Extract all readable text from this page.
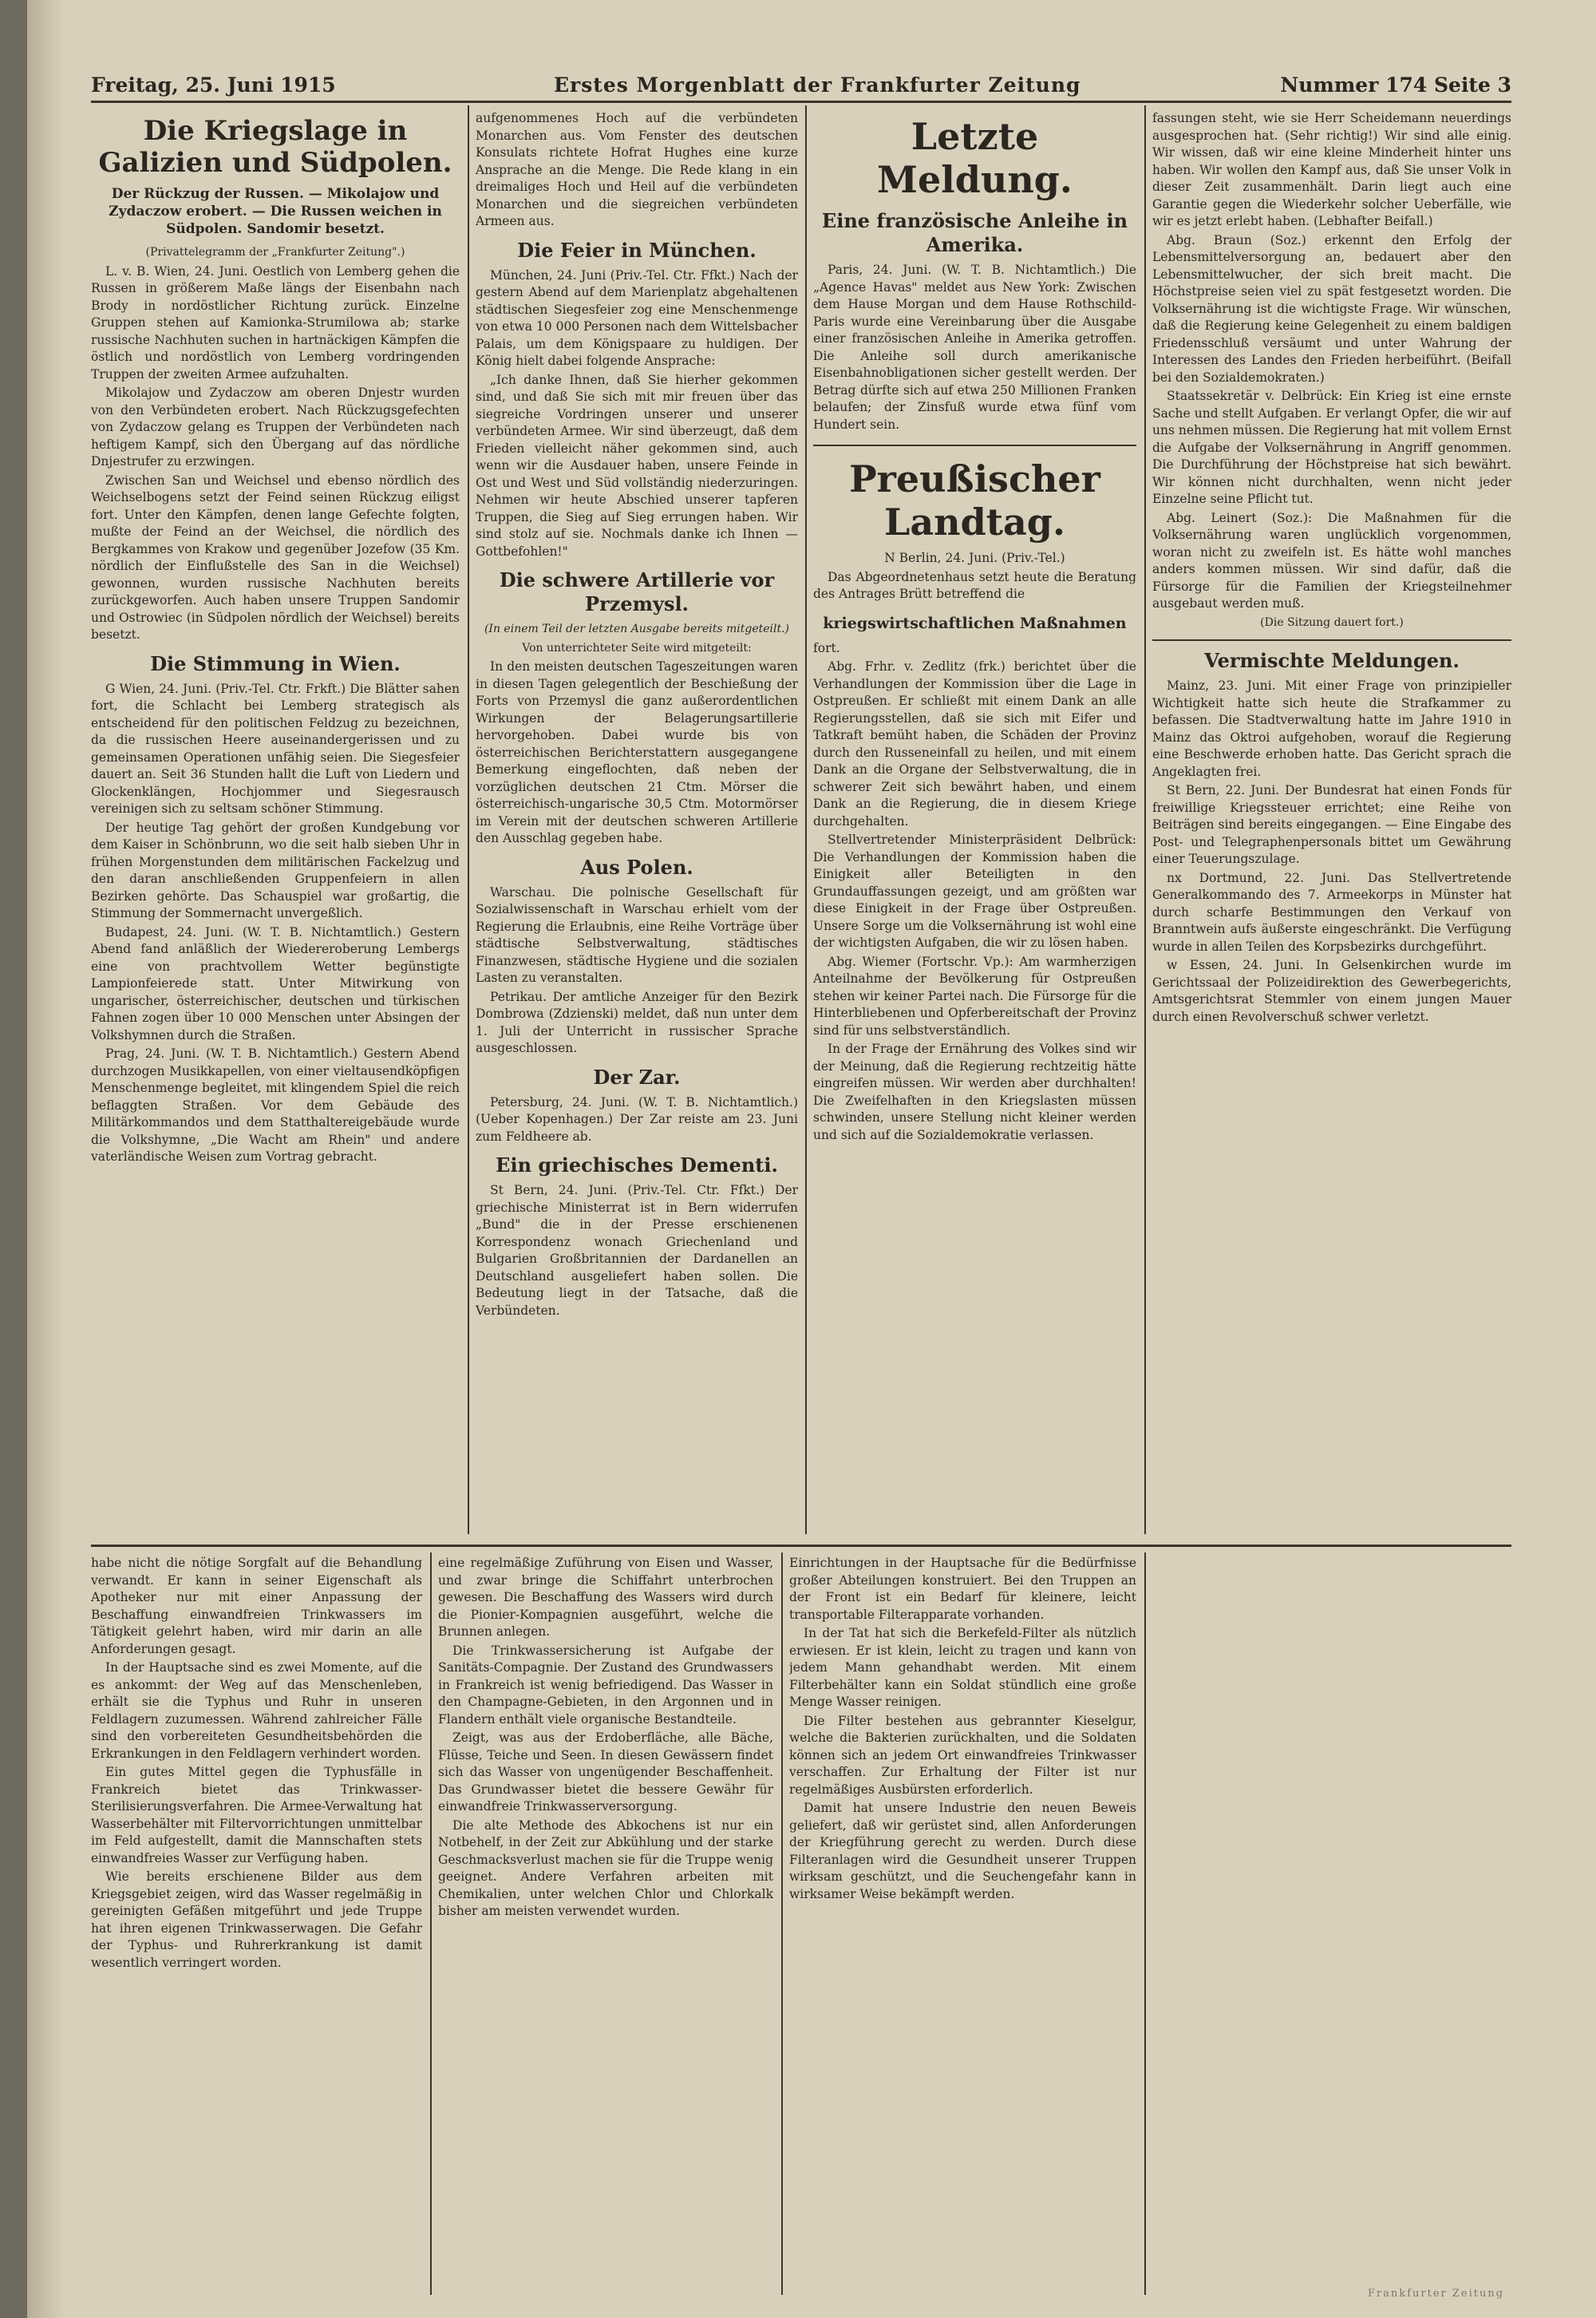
Freitag, 25. Juni 1915	Erstes Morgenblatt der Frankfurter Zeitung	Nummer 174 Seite 3
Die Kriegslage in Galizien und Südpolen.
Der Rückzug der Russen. — Mikolajow und Zydaczow erobert. — Die Russen weichen in Südpolen. Sandomir besetzt.

(Privattelegramm der „Frankfurter Zeitung".)

L. v. B. Wien, 24. Juni. Oestlich von Lemberg gehen die Russen in größerem Maße längs der Eisenbahn nach Brody in nordöstlicher Richtung zurück. Einzelne Gruppen stehen auf Kamionka-Strumilowa ab; starke russische Nachhuten suchen in hartnäckigen Kämpfen die östlich und nordöstlich von Lemberg vordringenden Truppen der zweiten Armee aufzuhalten.

Mikolajow und Zydaczow am oberen Dnjestr wurden von den Verbündeten erobert. Nach Rückzugsgefechten von Zydaczow gelang es Truppen der Verbündeten nach heftigem Kampf, sich den Übergang auf das nördliche Dnjestrufer zu erzwingen.

Zwischen San und Weichsel und ebenso nördlich des Weichselbogens setzt der Feind seinen Rückzug eiligst fort. Unter den Kämpfen, denen lange Gefechte folgten, mußte der Feind an der Weichsel, die nördlich des Bergkammes von Krakow und gegenüber Jozefow (35 Km. nördlich der Einflußstelle des San in die Weichsel) gewonnen, wurden russische Nachhuten bereits zurückgeworfen. Auch haben unsere Truppen Sandomir und Ostrowiec (in Südpolen nördlich der Weichsel) bereits besetzt.

Die Stimmung in Wien.

G Wien, 24. Juni. (Priv.-Tel. Ctr. Frkft.) Die Blätter sahen fort, die Schlacht bei Lemberg strategisch als entscheidend für den politischen Feldzug zu bezeichnen, da die russischen Heere auseinandergerissen und zu gemeinsamen Operationen unfähig seien. Die Siegesfeier dauert an. Seit 36 Stunden hallt die Luft von Liedern und Glockenklängen, Hochjommer und Siegesrausch vereinigen sich zu seltsam schöner Stimmung.

Der heutige Tag gehört der großen Kundgebung vor dem Kaiser in Schönbrunn, wo die seit halb sieben Uhr in frühen Morgenstunden dem militärischen Fackelzug und den daran anschließenden Gruppenfeiern in allen Bezirken gehörte. Das Schauspiel war großartig, die Stimmung der Sommernacht unvergeßlich.

Budapest, 24. Juni. (W. T. B. Nichtamtlich.) Gestern Abend fand anläßlich der Wiedereroberung Lembergs eine von prachtvollem Wetter begünstigte Lampionfeierede statt. Unter Mitwirkung von ungarischer, österreichischer, deutschen und türkischen Fahnen zogen über 10 000 Menschen unter Absingen der Volkshymnen durch die Straßen.

Prag, 24. Juni. (W. T. B. Nichtamtlich.) Gestern Abend durchzogen Musikkapellen, von einer vieltausendköpfigen Menschenmenge begleitet, mit klingendem Spiel die reich beflaggten Straßen. Vor dem Gebäude des Militärkommandos und dem Statthaltereigebäude wurde die Volkshymne, „Die Wacht am Rhein" und andere vaterländische Weisen zum Vortrag gebracht.

aufgenommenes Hoch auf die verbündeten Monarchen aus. Vom Fenster des deutschen Konsulats richtete Hofrat Hughes eine kurze Ansprache an die Menge. Die Rede klang in ein dreimaliges Hoch und Heil auf die verbündeten Monarchen und die siegreichen verbündeten Armeen aus.

Die Feier in München.

München, 24. Juni (Priv.-Tel. Ctr. Ffkt.) Nach der gestern Abend auf dem Marienplatz abgehaltenen städtischen Siegesfeier zog eine Menschenmenge von etwa 10 000 Personen nach dem Wittelsbacher Palais, um dem Königspaare zu huldigen. Der König hielt dabei folgende Ansprache:

„Ich danke Ihnen, daß Sie hierher gekommen sind, und daß Sie sich mit mir freuen über das siegreiche Vordringen unserer und unserer verbündeten Armee. Wir sind überzeugt, daß dem Frieden vielleicht näher gekommen sind, auch wenn wir die Ausdauer haben, unsere Feinde in Ost und West und Süd vollständig niederzuringen. Nehmen wir heute Abschied unserer tapferen Truppen, die Sieg auf Sieg errungen haben. Wir sind stolz auf sie. Nochmals danke ich Ihnen — Gottbefohlen!"

Die schwere Artillerie vor Przemysl.

(In einem Teil der letzten Ausgabe bereits mitgeteilt.)

Von unterrichteter Seite wird mitgeteilt:

In den meisten deutschen Tageszeitungen waren in diesen Tagen gelegentlich der Beschießung der Forts von Przemysl die ganz außerordentlichen Wirkungen der Belagerungsartillerie hervorgehoben. Dabei wurde bis von österreichischen Berichterstattern ausgegangene Bemerkung eingeflochten, daß neben der vorzüglichen deutschen 21 Ctm. Mörser die österreichisch-ungarische 30,5 Ctm. Motormörser im Verein mit der deutschen schweren Artillerie den Ausschlag gegeben habe.

Aus Polen.

Warschau. Die polnische Gesellschaft für Sozialwissenschaft in Warschau erhielt vom der Regierung die Erlaubnis, eine Reihe Vorträge über städtische Selbstverwaltung, städtisches Finanzwesen, städtische Hygiene und die sozialen Lasten zu veranstalten.

Petrikau. Der amtliche Anzeiger für den Bezirk Dombrowa (Zdzienski) meldet, daß nun unter dem 1. Juli der Unterricht in russischer Sprache ausgeschlossen.

Der Zar.

Petersburg, 24. Juni. (W. T. B. Nichtamtlich.) (Ueber Kopenhagen.) Der Zar reiste am 23. Juni zum Feldheere ab.

Ein griechisches Dementi.

St Bern, 24. Juni. (Priv.-Tel. Ctr. Ffkt.) Der griechische Ministerrat ist in Bern widerrufen „Bund" die in der Presse erschienenen Korrespondenz wonach Griechenland und Bulgarien Großbritannien der Dardanellen an Deutschland ausgeliefert haben sollen. Die Bedeutung liegt in der Tatsache, daß die Verbündeten.

Letzte Meldung.
Eine französische Anleihe in Amerika.

Paris, 24. Juni. (W. T. B. Nichtamtlich.) Die „Agence Havas" meldet aus New York: Zwischen dem Hause Morgan und dem Hause Rothschild-Paris wurde eine Vereinbarung über die Ausgabe einer französischen Anleihe in Amerika getroffen. Die Anleihe soll durch amerikanische Eisenbahnobligationen sicher gestellt werden. Der Betrag dürfte sich auf etwa 250 Millionen Franken belaufen; der Zinsfuß wurde etwa fünf vom Hundert sein.

Preußischer Landtag.

N Berlin, 24. Juni. (Priv.-Tel.)

Das Abgeordnetenhaus setzt heute die Beratung des Antrages Brütt betreffend die

kriegswirtschaftlichen Maßnahmen

fort.

Abg. Frhr. v. Zedlitz (frk.) berichtet über die Verhandlungen der Kommission über die Lage in Ostpreußen. Er schließt mit einem Dank an alle Regierungsstellen, daß sie sich mit Eifer und Tatkraft bemüht haben, die Schäden der Provinz durch den Russeneinfall zu heilen, und mit einem Dank an die Organe der Selbstverwaltung, die in schwerer Zeit sich bewährt haben, und einem Dank an die Regierung, die in diesem Kriege durchgehalten.

Stellvertretender Ministerpräsident Delbrück: Die Verhandlungen der Kommission haben die Einigkeit aller Beteiligten in den Grundauffassungen gezeigt, und am größten war diese Einigkeit in der Frage über Ostpreußen. Unsere Sorge um die Volksernährung ist wohl eine der wichtigsten Aufgaben, die wir zu lösen haben.

Abg. Wiemer (Fortschr. Vp.): Am warmherzigen Anteilnahme der Bevölkerung für Ostpreußen stehen wir keiner Partei nach. Die Fürsorge für die Hinterbliebenen und Opferbereitschaft der Provinz sind für uns selbstverständlich.

In der Frage der Ernährung des Volkes sind wir der Meinung, daß die Regierung rechtzeitig hätte eingreifen müssen. Wir werden aber durchhalten! Die Zweifelhaften in den Kriegslasten müssen schwinden, unsere Stellung nicht kleiner werden und sich auf die Sozialdemokratie verlassen.

fassungen steht, wie sie Herr Scheidemann neuerdings ausgesprochen hat. (Sehr richtig!) Wir sind alle einig. Wir wissen, daß wir eine kleine Minderheit hinter uns haben. Wir wollen den Kampf aus, daß Sie unser Volk in dieser Zeit zusammenhält. Darin liegt auch eine Garantie gegen die Wiederkehr solcher Ueberfälle, wie wir es jetzt erlebt haben. (Lebhafter Beifall.)

Abg. Braun (Soz.) erkennt den Erfolg der Lebensmittelversorgung an, bedauert aber den Lebensmittelwucher, der sich breit macht. Die Höchstpreise seien viel zu spät festgesetzt worden. Die Volksernährung ist die wichtigste Frage. Wir wünschen, daß die Regierung keine Gelegenheit zu einem baldigen Friedensschluß versäumt und unter Wahrung der Interessen des Landes den Frieden herbeiführt. (Beifall bei den Sozialdemokraten.)

Staatssekretär v. Delbrück: Ein Krieg ist eine ernste Sache und stellt Aufgaben. Er verlangt Opfer, die wir auf uns nehmen müssen. Die Regierung hat mit vollem Ernst die Aufgabe der Volksernährung in Angriff genommen. Die Durchführung der Höchstpreise hat sich bewährt. Wir können nicht durchhalten, wenn nicht jeder Einzelne seine Pflicht tut.

Abg. Leinert (Soz.): Die Maßnahmen für die Volksernährung waren unglücklich vorgenommen, woran nicht zu zweifeln ist. Es hätte wohl manches anders kommen müssen. Wir sind dafür, daß die Fürsorge für die Familien der Kriegsteilnehmer ausgebaut werden muß.

(Die Sitzung dauert fort.)

Vermischte Meldungen.

Mainz, 23. Juni. Mit einer Frage von prinzipieller Wichtigkeit hatte sich heute die Strafkammer zu befassen. Die Stadtverwaltung hatte im Jahre 1910 in Mainz das Oktroi aufgehoben, worauf die Regierung eine Beschwerde erhoben hatte. Das Gericht sprach die Angeklagten frei.

St Bern, 22. Juni. Der Bundesrat hat einen Fonds für freiwillige Kriegssteuer errichtet; eine Reihe von Beiträgen sind bereits eingegangen. — Eine Eingabe des Post- und Telegraphenpersonals bittet um Gewährung einer Teuerungszulage.

nx Dortmund, 22. Juni. Das Stellvertretende Generalkommando des 7. Armeekorps in Münster hat durch scharfe Bestimmungen den Verkauf von Branntwein aufs äußerste eingeschränkt. Die Verfügung wurde in allen Teilen des Korpsbezirks durchgeführt.

w Essen, 24. Juni. In Gelsenkirchen wurde im Gerichtssaal der Polizeidirektion des Gewerbegerichts, Amtsgerichtsrat Stemmler von einem jungen Mauer durch einen Revolverschuß schwer verletzt.

habe nicht die nötige Sorgfalt auf die Behandlung verwandt. Er kann in seiner Eigenschaft als Apotheker nur mit einer Anpassung der Beschaffung einwandfreien Trinkwassers im Tätigkeit gelehrt haben, wird mir darin an alle Anforderungen gesagt.

In der Hauptsache sind es zwei Momente, auf die es ankommt: der Weg auf das Menschenleben, erhält sie die Typhus und Ruhr in unseren Feldlagern zuzumessen. Während zahlreicher Fälle sind den vorbereiteten Gesundheitsbehörden die Erkrankungen in den Feldlagern verhindert worden.

Ein gutes Mittel gegen die Typhusfälle in Frankreich bietet das Trinkwasser-Sterilisierungsverfahren. Die Armee-Verwaltung hat Wasserbehälter mit Filtervorrichtungen unmittelbar im Feld aufgestellt, damit die Mannschaften stets einwandfreies Wasser zur Verfügung haben.

Wie bereits erschienene Bilder aus dem Kriegsgebiet zeigen, wird das Wasser regelmäßig in gereinigten Gefäßen mitgeführt und jede Truppe hat ihren eigenen Trinkwasserwagen. Die Gefahr der Typhus- und Ruhrerkrankung ist damit wesentlich verringert worden.

eine regelmäßige Zuführung von Eisen und Wasser, und zwar bringe die Schiffahrt unterbrochen gewesen. Die Beschaffung des Wassers wird durch die Pionier-Kompagnien ausgeführt, welche die Brunnen anlegen.

Die Trinkwassersicherung ist Aufgabe der Sanitäts-Compagnie. Der Zustand des Grundwassers in Frankreich ist wenig befriedigend. Das Wasser in den Champagne-Gebieten, in den Argonnen und in Flandern enthält viele organische Bestandteile.

Zeigt, was aus der Erdoberfläche, alle Bäche, Flüsse, Teiche und Seen. In diesen Gewässern findet sich das Wasser von ungenügender Beschaffenheit. Das Grundwasser bietet die bessere Gewähr für einwandfreie Trinkwasserversorgung.

Die alte Methode des Abkochens ist nur ein Notbehelf, in der Zeit zur Abkühlung und der starke Geschmacksverlust machen sie für die Truppe wenig geeignet. Andere Verfahren arbeiten mit Chemikalien, unter welchen Chlor und Chlorkalk bisher am meisten verwendet wurden.

Einrichtungen in der Hauptsache für die Bedürfnisse großer Abteilungen konstruiert. Bei den Truppen an der Front ist ein Bedarf für kleinere, leicht transportable Filterapparate vorhanden.

In der Tat hat sich die Berkefeld-Filter als nützlich erwiesen. Er ist klein, leicht zu tragen und kann von jedem Mann gehandhabt werden. Mit einem Filterbehälter kann ein Soldat stündlich eine große Menge Wasser reinigen.

Die Filter bestehen aus gebrannter Kieselgur, welche die Bakterien zurückhalten, und die Soldaten können sich an jedem Ort einwandfreies Trinkwasser verschaffen. Zur Erhaltung der Filter ist nur regelmäßiges Ausbürsten erforderlich.

Damit hat unsere Industrie den neuen Beweis geliefert, daß wir gerüstet sind, allen Anforderungen der Kriegführung gerecht zu werden. Durch diese Filteranlagen wird die Gesundheit unserer Truppen wirksam geschützt, und die Seuchengefahr kann in wirksamer Weise bekämpft werden.

Frankfurter Zeitung
